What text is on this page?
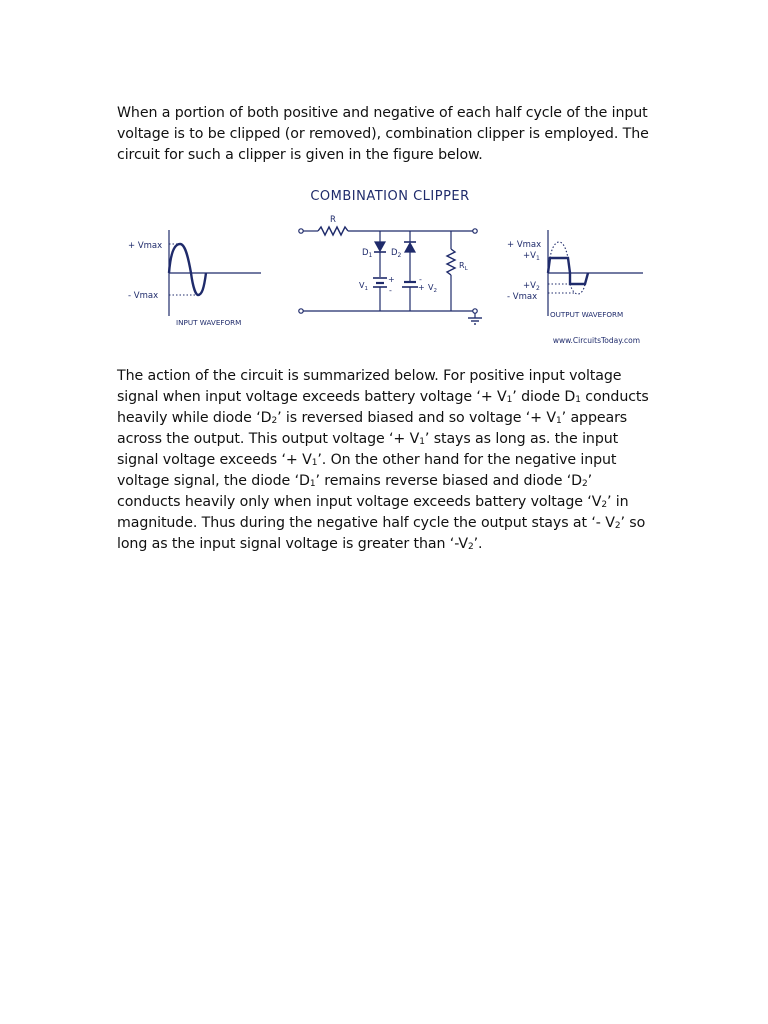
When a portion of both positive and negative of each half cycle of the input voltage is to be clipped (or removed), combination clipper is employed. The circuit for such a clipper is given in the figure below.

COMBINATION CLIPPER
+ Vmax
- Vmax
INPUT WAVEFORM
R
$D_1$ $D_2$
$R_L$
$V_1$	$V_2$
+
-
-
+
+ Vmax
$+V_1$
$+V_2$
- Vmax
OUTPUT WAVEFORM
www.CircuitsToday.com

The action of the circuit is summarized below. For positive input voltage signal when input voltage exceeds battery voltage ‘+ $V_1$’ diode $D_1$ conducts heavily while diode ‘$D_2$’ is reversed biased and so voltage ‘+ $V_1$’ appears across the output. This output voltage ‘+ $V_1$’ stays as long as. the input signal voltage exceeds ‘+ $V_1$’. On the other hand for the negative input voltage signal, the diode ‘$D_1$’ remains reverse biased and diode ‘$D_2$’ conducts heavily only when input voltage exceeds battery voltage ‘$V_2$’ in magnitude. Thus during the negative half cycle the output stays at ‘- $V_2$’ so long as the input signal voltage is greater than ‘$-V_2$’.
